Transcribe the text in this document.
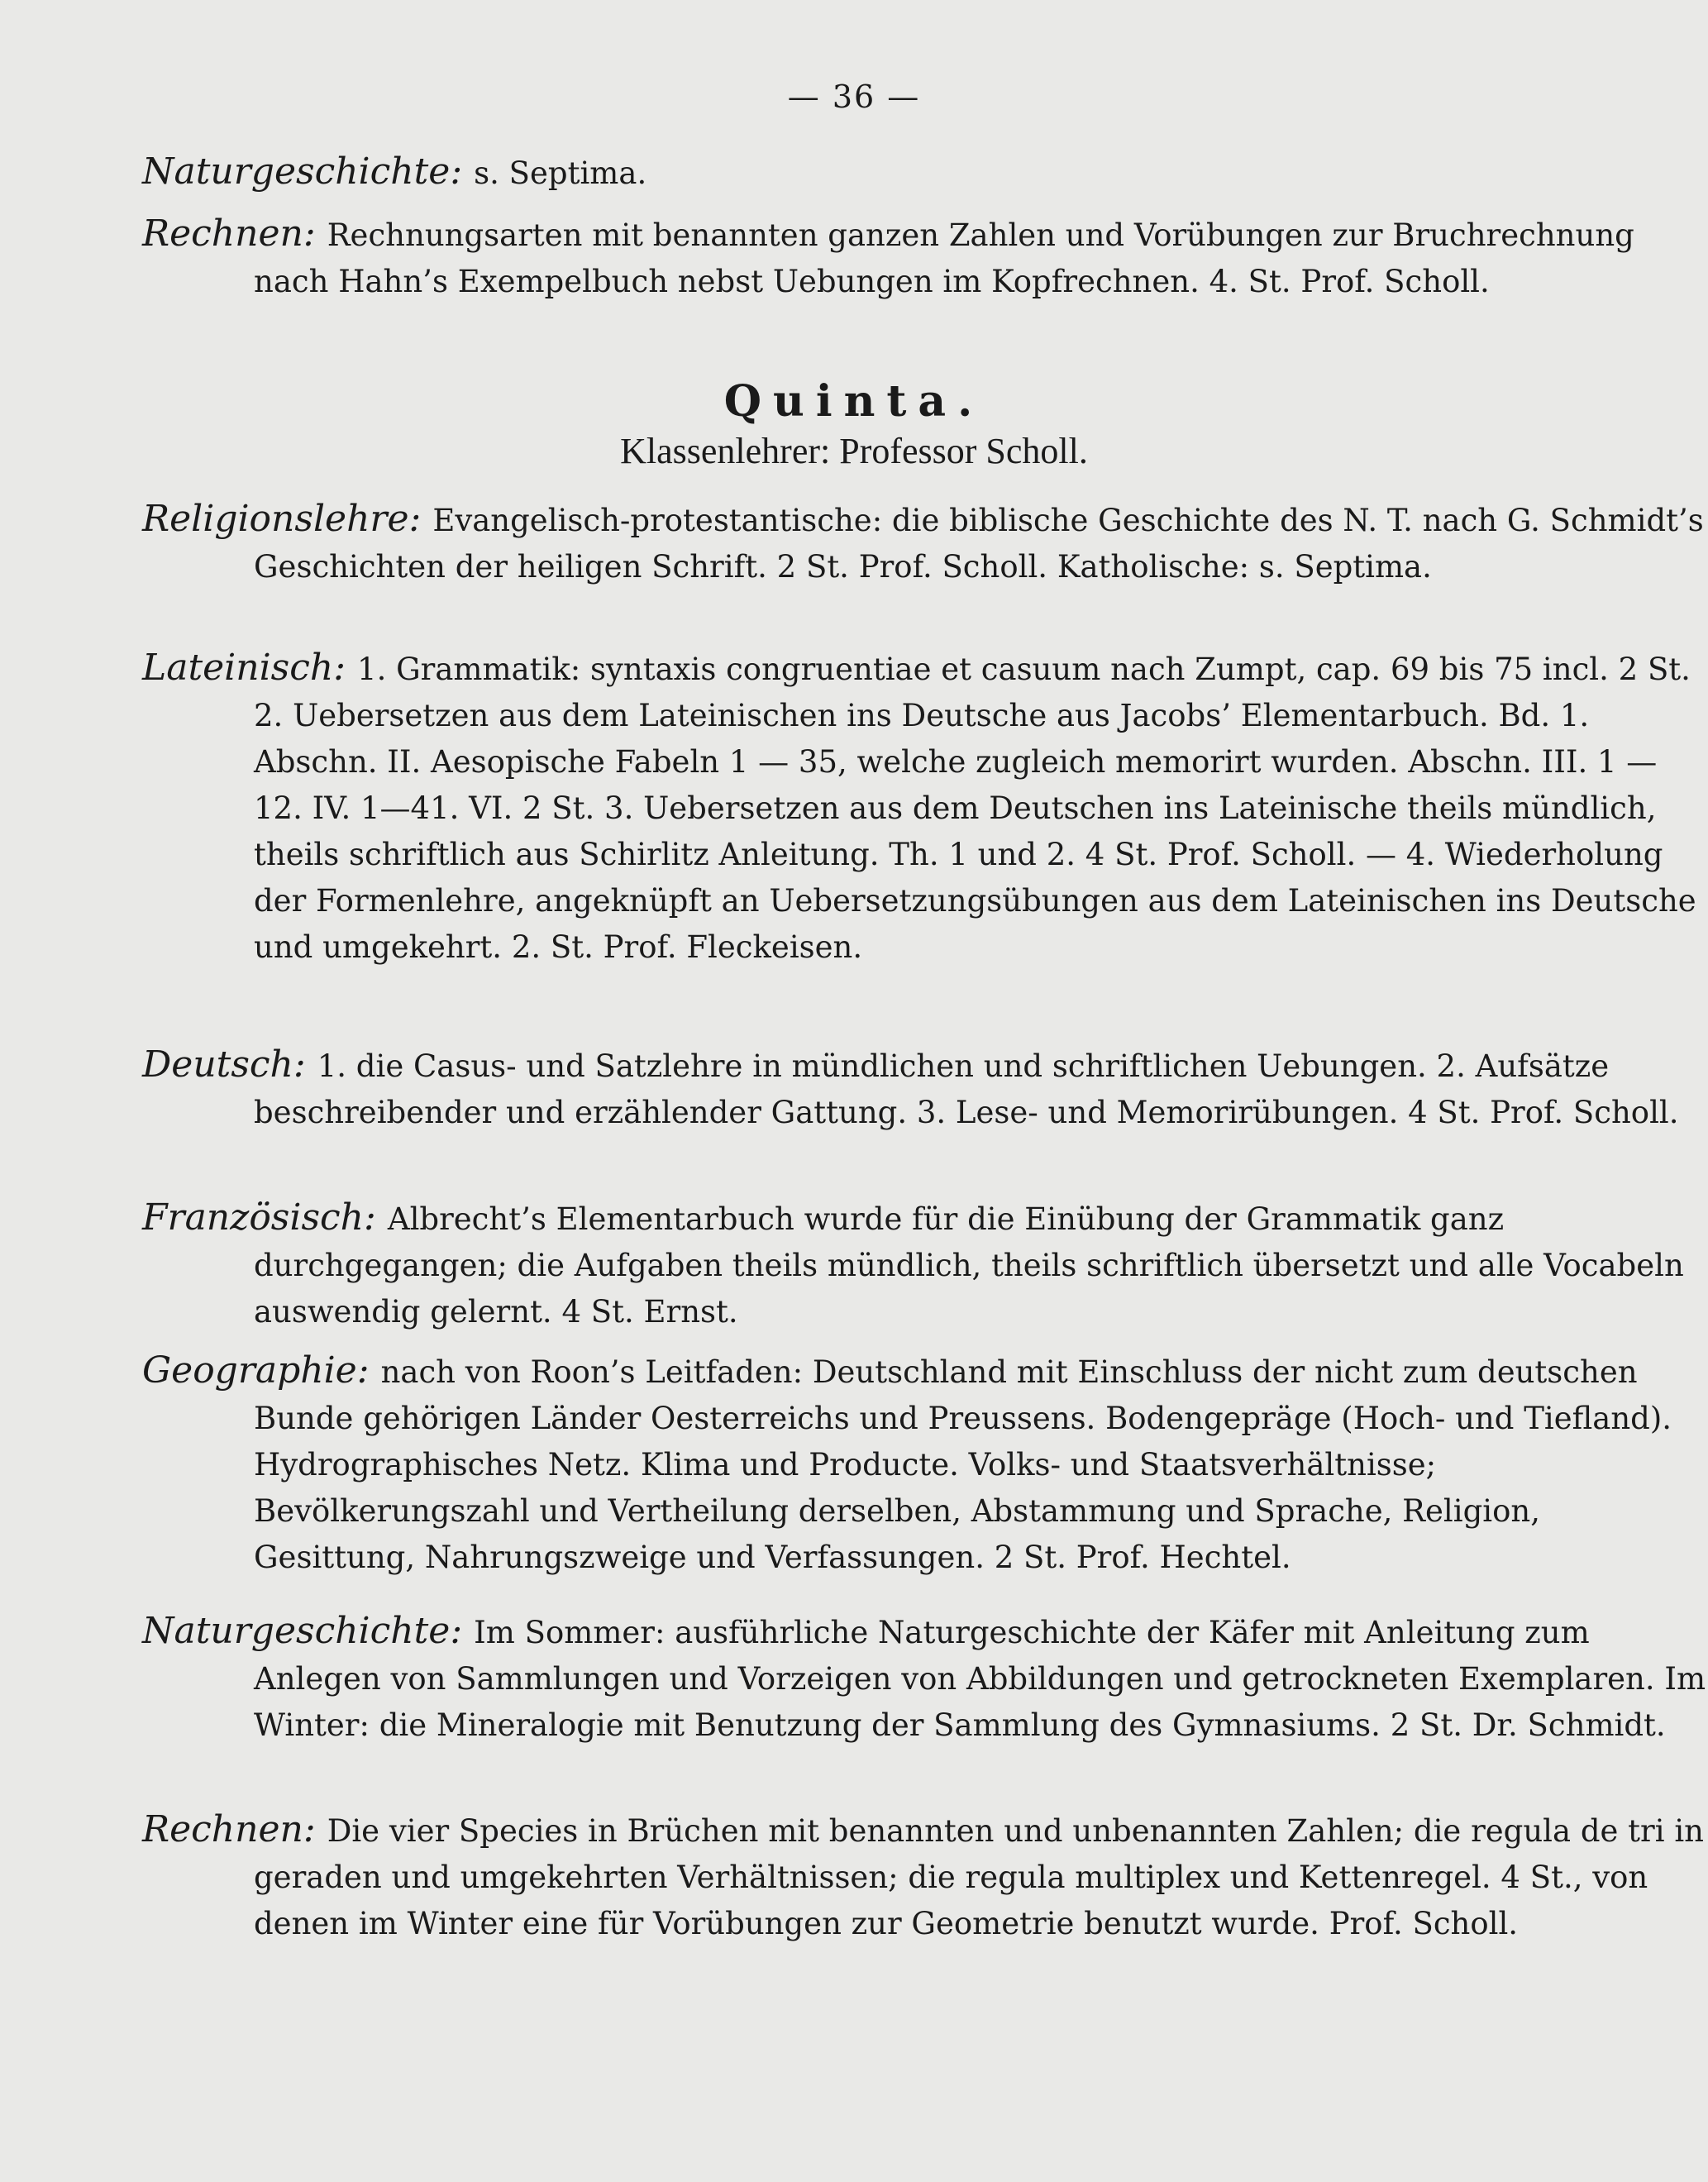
— 36 —
Naturgeschichte: s. Septima.
Rechnen: Rechnungsarten mit benannten ganzen Zahlen und Vorübungen zur Bruchrechnung nach Hahn’s Exempelbuch nebst Uebungen im Kopfrechnen. 4. St. Prof. Scholl.
Quinta.
Klassenlehrer: Professor Scholl.
Religionslehre: Evangelisch-protestantische: die biblische Geschichte des N. T. nach G. Schmidt’s Geschichten der heiligen Schrift. 2 St. Prof. Scholl. Katholische: s. Septima.
Lateinisch: 1. Grammatik: syntaxis congruentiae et casuum nach Zumpt, cap. 69 bis 75 incl. 2 St. 2. Uebersetzen aus dem Lateinischen ins Deutsche aus Jacobs’ Elementarbuch. Bd. 1. Abschn. II. Aesopische Fabeln 1 — 35, welche zugleich memorirt wurden. Abschn. III. 1 — 12. IV. 1—41. VI. 2 St. 3. Uebersetzen aus dem Deutschen ins Lateinische theils mündlich, theils schriftlich aus Schirlitz Anleitung. Th. 1 und 2. 4 St. Prof. Scholl. — 4. Wiederholung der Formenlehre, angeknüpft an Uebersetzungsübungen aus dem Lateinischen ins Deutsche und umgekehrt. 2. St. Prof. Fleckeisen.
Deutsch: 1. die Casus- und Satzlehre in mündlichen und schriftlichen Uebungen. 2. Aufsätze beschreibender und erzählender Gattung. 3. Lese- und Memorirübungen. 4 St. Prof. Scholl.
Französisch: Albrecht’s Elementarbuch wurde für die Einübung der Grammatik ganz durchgegangen; die Aufgaben theils mündlich, theils schriftlich übersetzt und alle Vocabeln auswendig gelernt. 4 St. Ernst.
Geographie: nach von Roon’s Leitfaden: Deutschland mit Einschluss der nicht zum deutschen Bunde gehörigen Länder Oesterreichs und Preussens. Bodengepräge (Hoch- und Tiefland). Hydrographisches Netz. Klima und Producte. Volks- und Staatsverhältnisse; Bevölkerungszahl und Vertheilung derselben, Abstammung und Sprache, Religion, Gesittung, Nahrungszweige und Verfassungen. 2 St. Prof. Hechtel.
Naturgeschichte: Im Sommer: ausführliche Naturgeschichte der Käfer mit Anleitung zum Anlegen von Sammlungen und Vorzeigen von Abbildungen und getrockneten Exemplaren. Im Winter: die Mineralogie mit Benutzung der Sammlung des Gymnasiums. 2 St. Dr. Schmidt.
Rechnen: Die vier Species in Brüchen mit benannten und unbenannten Zahlen; die regula de tri in geraden und umgekehrten Verhältnissen; die regula multiplex und Kettenregel. 4 St., von denen im Winter eine für Vorübungen zur Geometrie benutzt wurde. Prof. Scholl.
